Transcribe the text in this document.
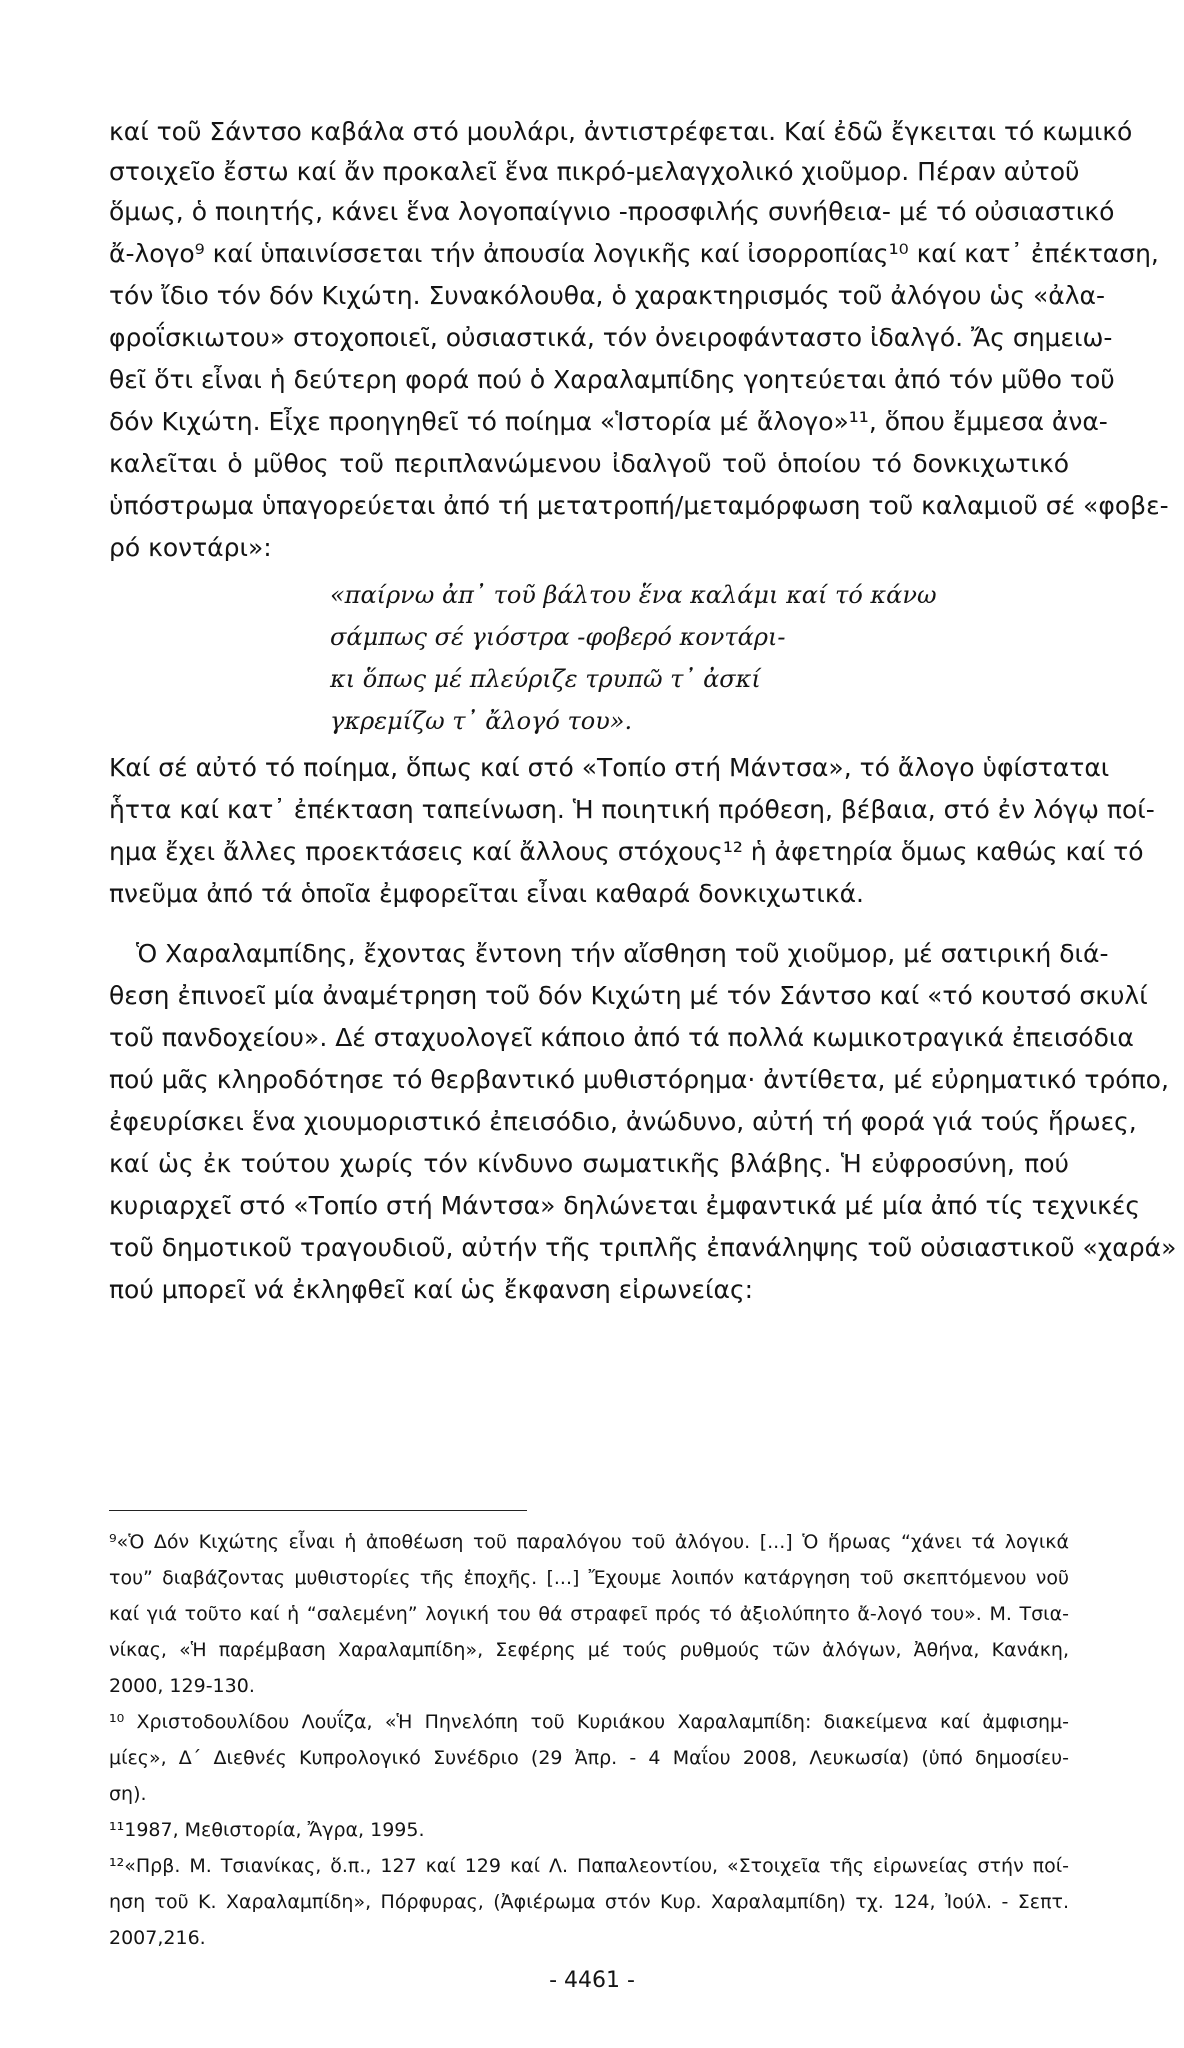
καί τοῦ Σάντσο καβάλα στό μουλάρι, ἀντιστρέφεται. Καί ἐδῶ ἔγκειται τό κωμικό
στοιχεῖο ἔστω καί ἄν προκαλεῖ ἕνα πικρό-μελαγχολικό χιοῦμορ. Πέραν αὐτοῦ
ὅμως, ὁ ποιητής, κάνει ἕνα λογοπαίγνιο -προσφιλής συνήθεια- μέ τό οὐσιαστικό
ἄ-λογο⁹ καί ὑπαινίσσεται τήν ἀπουσία λογικῆς καί ἰσορροπίας¹⁰ καί κατ᾽ ἐπέκταση,
τόν ἴδιο τόν δόν Κιχώτη. Συνακόλουθα, ὁ χαρακτηρισμός τοῦ ἀλόγου ὡς «ἀλα-
φροΐσκιωτου» στοχοποιεῖ, οὐσιαστικά, τόν ὀνειροφάνταστο ἰδαλγό. Ἄς σημειω-
θεῖ ὅτι εἶναι ἡ δεύτερη φορά πού ὁ Χαραλαμπίδης γοητεύεται ἀπό τόν μῦθο τοῦ
δόν Κιχώτη. Εἶχε προηγηθεῖ τό ποίημα «Ἱστορία μέ ἄλογο»¹¹, ὅπου ἔμμεσα ἀνα-
καλεῖται ὁ μῦθος τοῦ περιπλανώμενου ἰδαλγοῦ τοῦ ὁποίου τό δονκιχωτικό
ὑπόστρωμα ὑπαγορεύεται ἀπό τή μετατροπή/μεταμόρφωση τοῦ καλαμιοῦ σέ «φοβε-
ρό κοντάρι»:
«παίρνω ἀπ᾽ τοῦ βάλτου ἕνα καλάμι καί τό κάνω
σάμπως σέ γιόστρα -φοβερό κοντάρι-
κι ὅπως μέ πλεύριζε τρυπῶ τ᾽ ἀσκί
γκρεμίζω τ᾽ ἄλογό του».
Καί σέ αὐτό τό ποίημα, ὅπως καί στό «Τοπίο στή Μάντσα», τό ἄλογο ὑφίσταται
ἧττα καί κατ᾽ ἐπέκταση ταπείνωση. Ἡ ποιητική πρόθεση, βέβαια, στό ἐν λόγῳ ποί-
ημα ἔχει ἄλλες προεκτάσεις καί ἄλλους στόχους¹² ἡ ἀφετηρία ὅμως καθώς καί τό
πνεῦμα ἀπό τά ὁποῖα ἐμφορεῖται εἶναι καθαρά δονκιχωτικά.
Ὁ Χαραλαμπίδης, ἔχοντας ἔντονη τήν αἴσθηση τοῦ χιοῦμορ, μέ σατιρική διά-
θεση ἐπινοεῖ μία ἀναμέτρηση τοῦ δόν Κιχώτη μέ τόν Σάντσο καί «τό κουτσό σκυλί
τοῦ πανδοχείου». Δέ σταχυολογεῖ κάποιο ἀπό τά πολλά κωμικοτραγικά ἐπεισόδια
πού μᾶς κληροδότησε τό θερβαντικό μυθιστόρημα· ἀντίθετα, μέ εὐρηματικό τρόπο,
ἐφευρίσκει ἕνα χιουμοριστικό ἐπεισόδιο, ἀνώδυνο, αὐτή τή φορά γιά τούς ἥρωες,
καί ὡς ἐκ τούτου χωρίς τόν κίνδυνο σωματικῆς βλάβης. Ἡ εὐφροσύνη, πού
κυριαρχεῖ στό «Τοπίο στή Μάντσα» δηλώνεται ἐμφαντικά μέ μία ἀπό τίς τεχνικές
τοῦ δημοτικοῦ τραγουδιοῦ, αὐτήν τῆς τριπλῆς ἐπανάληψης τοῦ οὐσιαστικοῦ «χαρά»
πού μπορεῖ νά ἐκληφθεῖ καί ὡς ἔκφανση εἰρωνείας:
⁹«Ὁ Δόν Κιχώτης εἶναι ἡ ἀποθέωση τοῦ παραλόγου τοῦ ἀλόγου. [...] Ὁ ἥρωας “χάνει τά λογικά
του” διαβάζοντας μυθιστορίες τῆς ἐποχῆς. [...] Ἔχουμε λοιπόν κατάργηση τοῦ σκεπτόμενου νοῦ
καί γιά τοῦτο καί ἡ “σαλεμένη” λογική του θά στραφεῖ πρός τό ἀξιολύπητο ἄ-λογό του». Μ. Τσια-
νίκας, «Ἡ παρέμβαση Χαραλαμπίδη», Σεφέρης μέ τούς ρυθμούς τῶν ἀλόγων, Ἀθήνα, Κανάκη,
2000, 129-130.
¹⁰ Χριστοδουλίδου Λουΐζα, «Ἡ Πηνελόπη τοῦ Κυριάκου Χαραλαμπίδη: διακείμενα καί ἀμφισημ-
μίες», Δ´ Διεθνές Κυπρολογικό Συνέδριο (29 Ἀπρ. - 4 Μαΐου 2008, Λευκωσία) (ὑπό δημοσίευ-
ση).
¹¹1987, Μεθιστορία, Ἄγρα, 1995.
¹²«Πρβ. Μ. Τσιανίκας, ὅ.π., 127 καί 129 καί Λ. Παπαλεοντίου, «Στοιχεῖα τῆς εἰρωνείας στήν ποί-
ηση τοῦ Κ. Χαραλαμπίδη», Πόρφυρας, (Ἀφιέρωμα στόν Κυρ. Χαραλαμπίδη) τχ. 124, Ἰούλ. - Σεπτ.
2007,216.
- 4461 -
